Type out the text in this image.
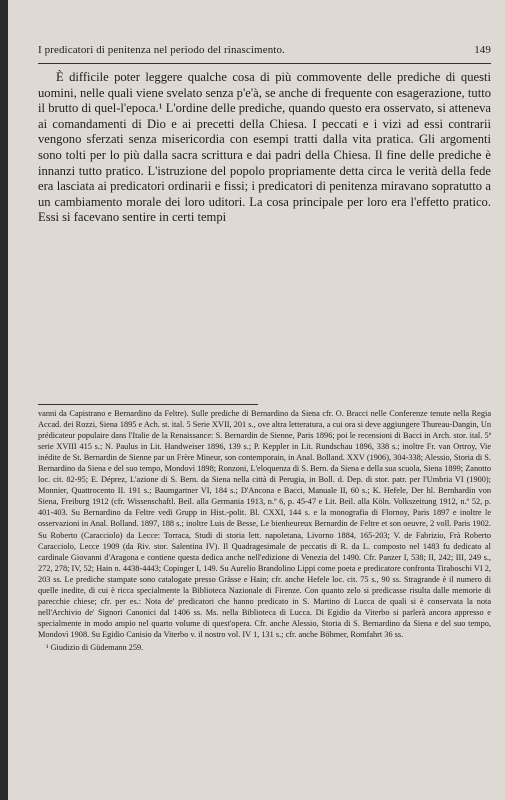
I predicatori di penitenza nel periodo del rinascimento.	149

È difficile poter leggere qualche cosa di più commovente delle prediche di questi uomini, nelle quali viene svelato senza p'e'à, se anche di frequente con esagerazione, tutto il brutto di quel-l'epoca.¹ L'ordine delle prediche, quando questo era osservato, si atteneva ai comandamenti di Dio e ai precetti della Chiesa. I peccati e i vizi ad essi contrarii vengono sferzati senza misericordia con esempi tratti dalla vita pratica. Gli argomenti sono tolti per lo più dalla sacra scrittura e dai padri della Chiesa. Il fine delle prediche è innanzi tutto pratico. L'istruzione del popolo propriamente detta circa le verità della fede era lasciata ai predicatori ordinarii e fissi; i predicatori di penitenza miravano sopratutto a un cambiamento morale dei loro uditori. La cosa principale per loro era l'effetto pratico. Essi si facevano sentire in certi tempi

vanni da Capistrano e Bernardino da Feltre). Sulle prediche di Bernardino da Siena cfr. O. Bracci nelle Conferenze tenute nella Regia Accad. dei Rozzi, Siena 1895 e Ach. st. ital. 5 Serie XVII, 201 s., ove altra letteratura, a cui ora si deve aggiungere Thureau-Dangin, Un prédicateur populaire dans l'Italie de la Renaissance: S. Bernardin de Sienne, Paris 1896; poi le recensioni di Bacci in Arch. stor. ital. 5ª serie XVIII 415 s.; N. Paulus in Lit. Handweiser 1896, 139 s.; P. Keppler in Lit. Rundschau 1896, 338 s.; inoltre Fr. van Ortroy, Vie inédite de St. Bernardin de Sienne par un Frère Mineur, son contemporain, in Anal. Bolland. XXV (1906), 304-338; Alessio, Storia di S. Bernardino da Siena e del suo tempo, Mondovì 1898; Ronzoni, L'eloquenza di S. Bern. da Siena e della sua scuola, Siena 1899; Zanotto loc. cit. 82-95; E. Déprez, L'azione di S. Bern. da Siena nella città di Perugia, in Boll. d. Dep. di stor. patr. per l'Umbria VI (1900); Monnier, Quattrocento II. 191 s.; Baumgartner VI, 184 s.; D'Ancona e Bacci, Manuale II, 60 s.; K. Hefele, Der hl. Bernhardin von Siena, Freiburg 1912 (cfr. Wissenschaftl. Beil. alla Germania 1913, n.º 6, p. 45-47 e Lit. Beil. alla Köln. Volkszeitung 1912, n.º 52, p. 401-403. Su Bernardino da Feltre vedi Grupp in Hist.-polit. Bl. CXXI, 144 s. e la monografia di Flornoy, Paris 1897 e inoltre le osservazioni in Anal. Bolland. 1897, 188 s.; inoltre Luis de Besse, Le bienheureux Bernardin de Feltre et son oeuvre, 2 voll. Paris 1902. Su Roberto (Caracciolo) da Lecce: Torraca, Studi di storia lett. napoletana, Livorno 1884, 165-203; V. de Fabrizio, Frà Roberto Caracciolo, Lecce 1909 (da Riv. stor. Salentina IV). Il Quadragesimale de peccatis di R. da L. composto nel 1483 fu dedicato al cardinale Giovanni d'Aragona e contiene questa dedica anche nell'edizione di Venezia del 1490. Cfr. Panzer I, 538; II, 242; III, 249 s., 272, 278; IV, 52; Hain n. 4438-4443; Copinger I, 149. Su Aurelio Brandolino Lippi come poeta e predicatore confronta Tiraboschi VI 2, 203 ss. Le prediche stampate sono catalogate presso Grässe e Hain; cfr. anche Hefele loc. cit. 75 s., 90 ss. Stragrande è il numero di quelle inedite, di cui è ricca specialmente la Biblioteca Nazionale di Firenze. Con quanto zelo si predicasse risulta dalle memorie di parecchie chiese; cfr. per es.: Nota de' predicatori che hanno predicato in S. Martino di Lucca de quali si è conservata la nota nell'Archivio de' Signori Canonici dal 1406 ss. Ms. nella Biblioteca di Lucca. Di Egidio da Viterbo si parlerà ancora appresso e specialmente in modo ampio nel quarto volume di quest'opera. Cfr. anche Alessio, Storia di S. Bernardino da Siena e del suo tempo, Mondovì 1908. Su Egidio Canisio da Viterbo v. il nostro vol. IV 1, 131 s.; cfr. anche Böhmer, Romfahrt 36 ss.

¹ Giudizio di Güdemann 259.
